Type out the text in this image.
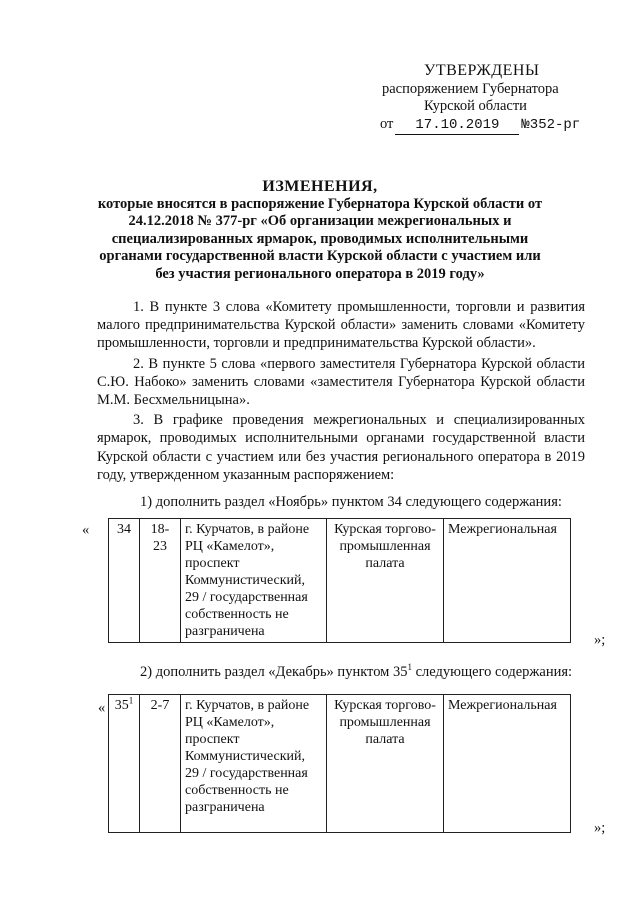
УТВЕРЖДЕНЫ
распоряжением Губернатора
Курской области
от	17.10.2019	№352-рг
ИЗМЕНЕНИЯ,
которые вносятся в распоряжение Губернатора Курской области от 24.12.2018 № 377-рг «Об организации межрегиональных и специализированных ярмарок, проводимых исполнительными органами государственной власти Курской области с участием или без участия регионального оператора в 2019 году»

1. В пункте 3 слова «Комитету промышленности, торговли и развития малого предпринимательства Курской области» заменить словами «Комитету промышленности, торговли и предпринимательства Курской области».

2. В пункте 5 слова «первого заместителя Губернатора Курской области С.Ю. Набоко» заменить словами «заместителя Губернатора Курской области М.М. Бесхмельницына».

3. В графике проведения межрегиональных и специализированных ярмарок, проводимых исполнительными органами государственной власти Курской области с участием или без участия регионального оператора в 2019 году, утвержденном указанным распоряжением:

1) дополнить раздел «Ноябрь» пунктом 34 следующего содержания:
« 34	18-23	г. Курчатов, в районе РЦ «Камелот», проспект Коммунистический, 29 / государственная собственность не разграничена	Курская торгово-промышленная палата	Межрегиональная
»;
2) дополнить раздел «Декабрь» пунктом $35^1$ следующего содержания:
« $35^1$	2-7	г. Курчатов, в районе РЦ «Камелот», проспект Коммунистический, 29 / государственная собственность не разграничена	Курская торгово-промышленная палата	Межрегиональная
»;
